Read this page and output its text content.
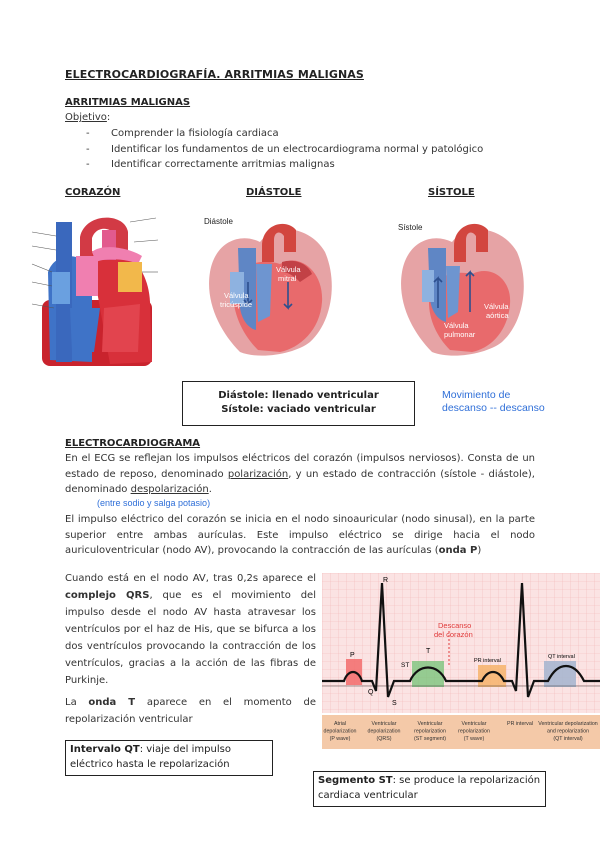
ELECTROCARDIOGRAFÍA. ARRITMIAS MALIGNAS
ARRITMIAS MALIGNAS
Objetivo:
- Comprender la fisiología cardiaca
- Identificar los fundamentos de un electrocardiograma normal y patológico
- Identificar correctamente arritmias malignas
CORAZÓN	DIÁSTOLE	SÍSTOLE
Diástole
Válvula
tricúspide
Válvula
mitral
Sístole
Válvula
aórtica
Válvula
pulmonar
Diástole: llenado ventricular
Sístole: vaciado ventricular
Movimiento de
descanso -- descanso
ELECTROCARDIOGRAMA
En el ECG se reflejan los impulsos eléctricos del corazón (impulsos nerviosos). Consta de un estado de reposo, denominado polarización, y un estado de contracción (sístole - diástole), denominado despolarización.
(entre sodio y salga potasio)
El impulso eléctrico del corazón se inicia en el nodo sinoauricular (nodo sinusal), en la parte superior entre ambas aurículas. Este impulso eléctrico se dirige hacia el nodo auriculoventricular (nodo AV), provocando la contracción de las aurículas (onda P)
Cuando está en el nodo AV, tras 0,2s aparece el complejo QRS, que es el movimiento del impulso desde el nodo AV hasta atravesar los ventrículos por el haz de His, que se bifurca a los dos ventrículos provocando la contracción de los ventrículos, gracias a la acción de las fibras de Purkinje.
La onda T aparece en el momento de repolarización ventricular
Intervalo QT: viaje del impulso eléctrico hasta le repolarización
Segmento ST: se produce la repolarización cardiaca ventricular
P
R
Q
S
ST
T
PR interval
QT interval
Descanso
del corazón
Atrial
depolarization
(P wave)
Ventricular
depolarization
(QRS)
Ventricular
repolarization
(ST segment)
Ventricular
repolarization
(T wave)
PR interval Ventricular depolarization
and repolarization
(QT interval)
